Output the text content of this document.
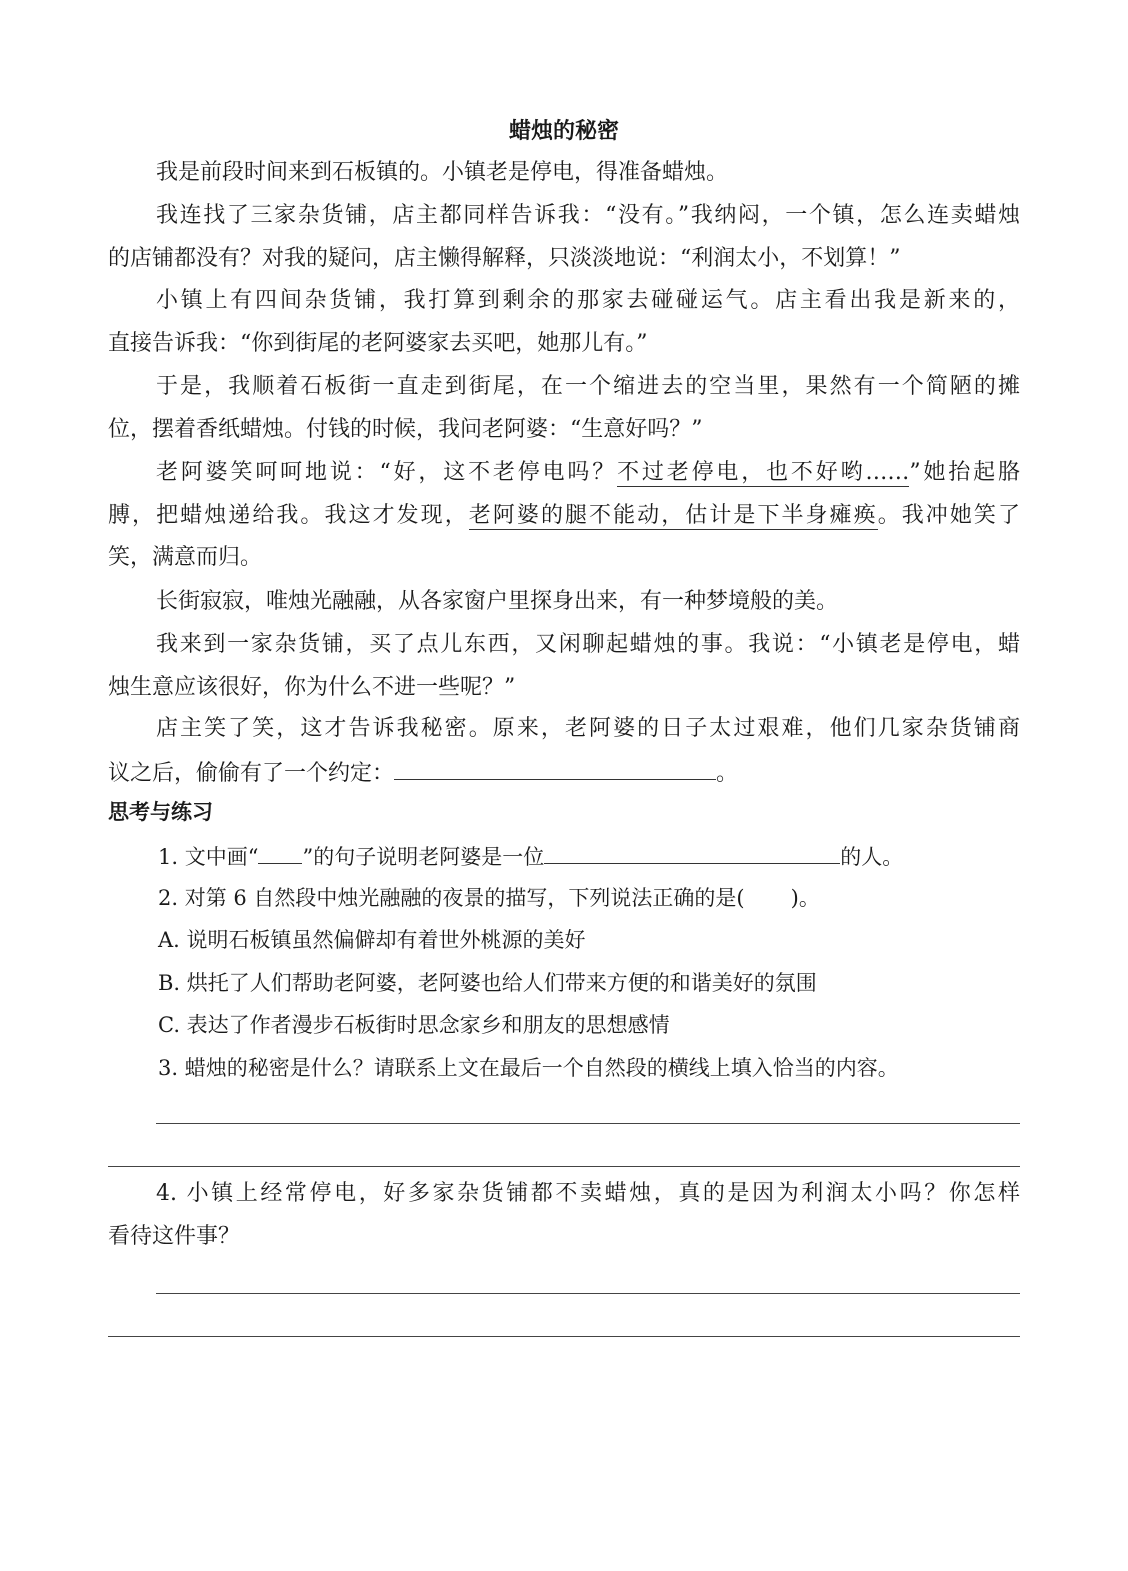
蜡烛的秘密
我是前段时间来到石板镇的。小镇老是停电，得准备蜡烛。
我连找了三家杂货铺，店主都同样告诉我：“没有。”我纳闷，一个镇，怎么连卖蜡烛
的店铺都没有？对我的疑问，店主懒得解释，只淡淡地说：“利润太小，不划算！”
小镇上有四间杂货铺，我打算到剩余的那家去碰碰运气。店主看出我是新来的，
直接告诉我：“你到街尾的老阿婆家去买吧，她那儿有。”
于是，我顺着石板街一直走到街尾，在一个缩进去的空当里，果然有一个简陋的摊
位，摆着香纸蜡烛。付钱的时候，我问老阿婆：“生意好吗？”
老阿婆笑呵呵地说：“好，这不老停电吗？不过老停电，也不好哟……”她抬起胳
膊，把蜡烛递给我。我这才发现，老阿婆的腿不能动，估计是下半身瘫痪。我冲她笑了
笑，满意而归。
长街寂寂，唯烛光融融，从各家窗户里探身出来，有一种梦境般的美。
我来到一家杂货铺，买了点儿东西，又闲聊起蜡烛的事。我说：“小镇老是停电，蜡
烛生意应该很好，你为什么不进一些呢？”
店主笑了笑，这才告诉我秘密。原来，老阿婆的日子太过艰难，他们几家杂货铺商
议之后，偷偷有了一个约定：	。
思考与练习
1. 文中画“ ”的句子说明老阿婆是一位	的人。
2. 对第 6 自然段中烛光融融的夜景的描写，下列说法正确的是( )。
A. 说明石板镇虽然偏僻却有着世外桃源的美好
B. 烘托了人们帮助老阿婆，老阿婆也给人们带来方便的和谐美好的氛围
C. 表达了作者漫步石板街时思念家乡和朋友的思想感情
3. 蜡烛的秘密是什么？请联系上文在最后一个自然段的横线上填入恰当的内容。
4. 小镇上经常停电，好多家杂货铺都不卖蜡烛，真的是因为利润太小吗？你怎样
看待这件事？
